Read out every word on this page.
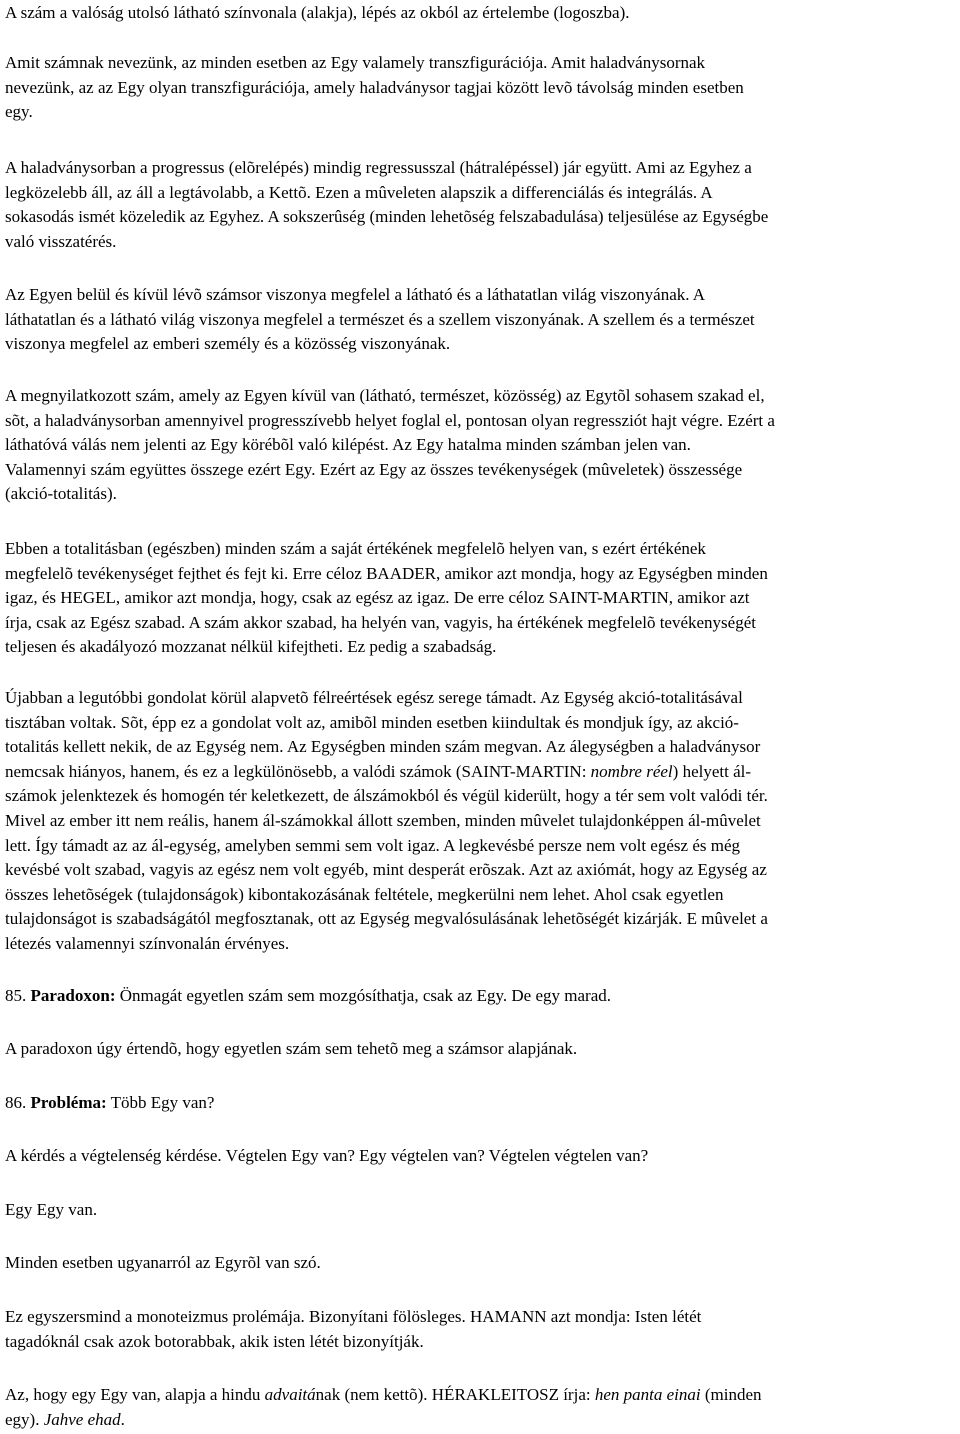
A szám a valóság utolsó látható színvonala (alakja), lépés az okból az értelembe (logoszba).

Amit számnak nevezünk, az minden esetben az Egy valamely transzfigurációja. Amit haladványsornak
nevezünk, az az Egy olyan transzfigurációja, amely haladványsor tagjai között levõ távolság minden esetben
egy.

A haladványsorban a progressus (elõrelépés) mindig regressusszal (hátralépéssel) jár együtt. Ami az Egyhez a
legközelebb áll, az áll a legtávolabb, a Kettõ. Ezen a mûveleten alapszik a differenciálás és integrálás. A
sokasodás ismét közeledik az Egyhez. A sokszerûség (minden lehetõség felszabadulása) teljesülése az Egységbe
való visszatérés.

Az Egyen belül és kívül lévõ számsor viszonya megfelel a látható és a láthatatlan világ viszonyának. A
láthatatlan és a látható világ viszonya megfelel a természet és a szellem viszonyának. A szellem és a természet
viszonya megfelel az emberi személy és a közösség viszonyának.

A megnyilatkozott szám, amely az Egyen kívül van (látható, természet, közösség) az Egytõl sohasem szakad el,
sõt, a haladványsorban amennyivel progresszívebb helyet foglal el, pontosan olyan regressziót hajt végre. Ezért a
láthatóvá válás nem jelenti az Egy körébõl való kilépést. Az Egy hatalma minden számban jelen van.
Valamennyi szám együttes összege ezért Egy. Ezért az Egy az összes tevékenységek (mûveletek) összessége
(akció-totalitás).

Ebben a totalitásban (egészben) minden szám a saját értékének megfelelõ helyen van, s ezért értékének
megfelelõ tevékenységet fejthet és fejt ki. Erre céloz BAADER, amikor azt mondja, hogy az Egységben minden
igaz, és HEGEL, amikor azt mondja, hogy, csak az egész az igaz. De erre céloz SAINT-MARTIN, amikor azt
írja, csak az Egész szabad. A szám akkor szabad, ha helyén van, vagyis, ha értékének megfelelõ tevékenységét
teljesen és akadályozó mozzanat nélkül kifejtheti. Ez pedig a szabadság.

Újabban a legutóbbi gondolat körül alapvetõ félreértések egész serege támadt. Az Egység akció-totalitásával
tisztában voltak. Sõt, épp ez a gondolat volt az, amibõl minden esetben kiindultak és mondjuk így, az akció-
totalitás kellett nekik, de az Egység nem. Az Egységben minden szám megvan. Az álegységben a haladványsor
nemcsak hiányos, hanem, és ez a legkülönösebb, a valódi számok (SAINT-MARTIN: nombre réel) helyett ál-
számok jelenktezek és homogén tér keletkezett, de álszámokból és végül kiderült, hogy a tér sem volt valódi tér.
Mivel az ember itt nem reális, hanem ál-számokkal állott szemben, minden mûvelet tulajdonképpen ál-mûvelet
lett. Így támadt az az ál-egység, amelyben semmi sem volt igaz. A legkevésbé persze nem volt egész és még
kevésbé volt szabad, vagyis az egész nem volt egyéb, mint desperát erõszak. Azt az axiómát, hogy az Egység az
összes lehetõségek (tulajdonságok) kibontakozásának feltétele, megkerülni nem lehet. Ahol csak egyetlen
tulajdonságot is szabadságától megfosztanak, ott az Egység megvalósulásának lehetõségét kizárják. E mûvelet a
létezés valamennyi színvonalán érvényes.

85. Paradoxon: Önmagát egyetlen szám sem mozgósíthatja, csak az Egy. De egy marad.

A paradoxon úgy értendõ, hogy egyetlen szám sem tehetõ meg a számsor alapjának.

86. Probléma: Több Egy van?

A kérdés a végtelenség kérdése. Végtelen Egy van? Egy végtelen van? Végtelen végtelen van?

Egy Egy van.

Minden esetben ugyanarról az Egyrõl van szó.

Ez egyszersmind a monoteizmus prolémája. Bizonyítani fölösleges. HAMANN azt mondja: Isten létét
tagadóknál csak azok botorabbak, akik isten létét bizonyítják.

Az, hogy egy Egy van, alapja a hindu advaitának (nem kettõ). HÉRAKLEITOSZ írja: hen panta einai (minden
egy). Jahve ehad.
